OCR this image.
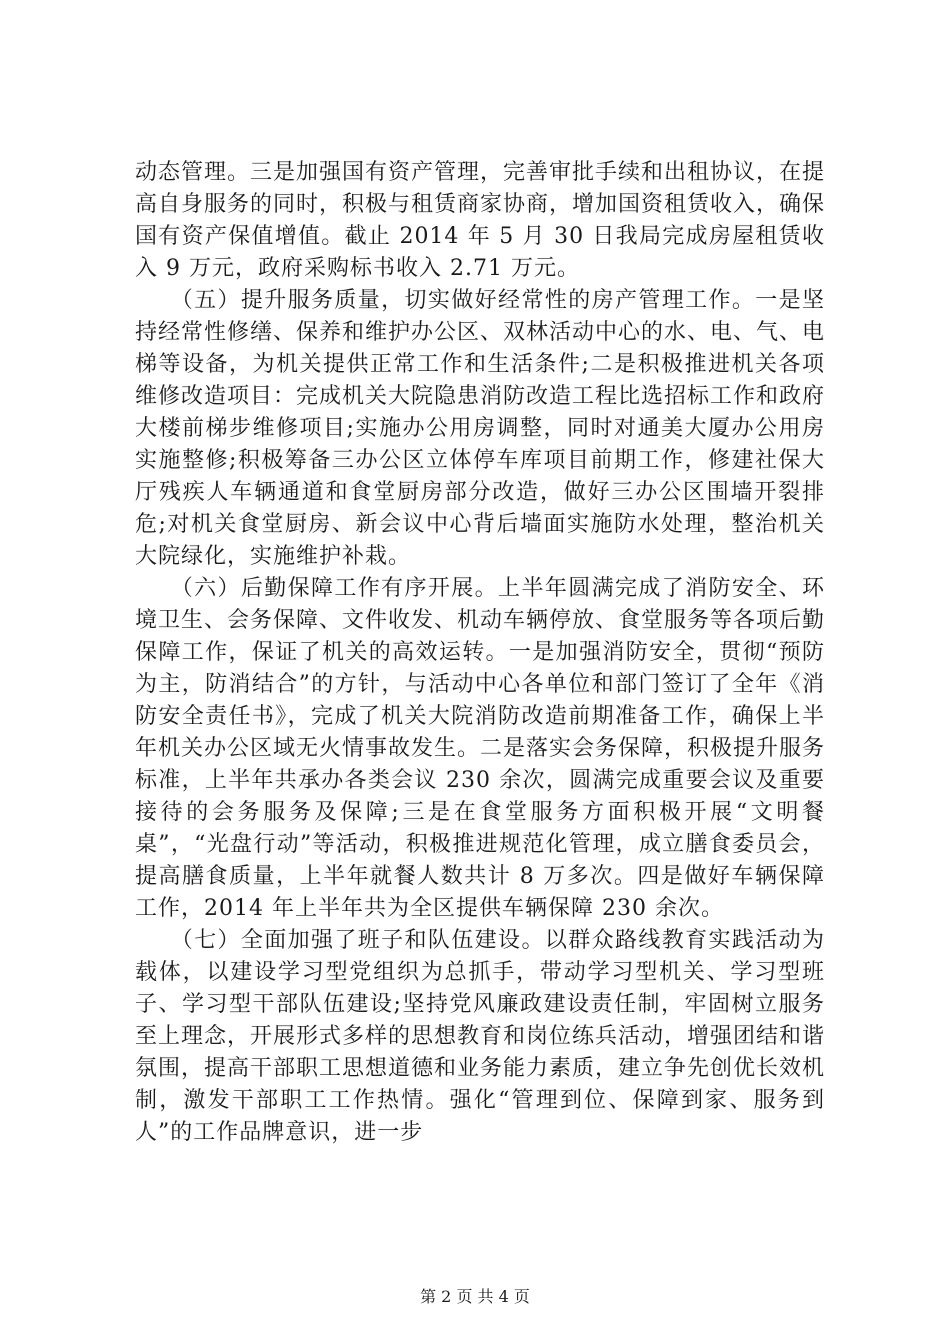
动态管理。三是加强国有资产管理，完善审批手续和出租协议，在提高自身服务的同时，积极与租赁商家协商，增加国资租赁收入，确保国有资产保值增值。截止 2014 年 5 月 30 日我局完成房屋租赁收入 9 万元，政府采购标书收入 2.71 万元。

　　（五）提升服务质量，切实做好经常性的房产管理工作。一是坚持经常性修缮、保养和维护办公区、双林活动中心的水、电、气、电梯等设备，为机关提供正常工作和生活条件;二是积极推进机关各项维修改造项目：完成机关大院隐患消防改造工程比选招标工作和政府大楼前梯步维修项目;实施办公用房调整，同时对通美大厦办公用房实施整修;积极筹备三办公区立体停车库项目前期工作，修建社保大厅残疾人车辆通道和食堂厨房部分改造，做好三办公区围墙开裂排危;对机关食堂厨房、新会议中心背后墙面实施防水处理，整治机关大院绿化，实施维护补栽。

　　（六）后勤保障工作有序开展。上半年圆满完成了消防安全、环境卫生、会务保障、文件收发、机动车辆停放、食堂服务等各项后勤保障工作，保证了机关的高效运转。一是加强消防安全，贯彻“预防为主，防消结合”的方针，与活动中心各单位和部门签订了全年《消防安全责任书》，完成了机关大院消防改造前期准备工作，确保上半年机关办公区域无火情事故发生。二是落实会务保障，积极提升服务标准，上半年共承办各类会议 230 余次，圆满完成重要会议及重要接待的会务服务及保障;三是在食堂服务方面积极开展“文明餐桌”，“光盘行动”等活动，积极推进规范化管理，成立膳食委员会，提高膳食质量，上半年就餐人数共计 8 万多次。四是做好车辆保障工作，2014 年上半年共为全区提供车辆保障 230 余次。

　　（七）全面加强了班子和队伍建设。以群众路线教育实践活动为载体，以建设学习型党组织为总抓手，带动学习型机关、学习型班子、学习型干部队伍建设;坚持党风廉政建设责任制，牢固树立服务至上理念，开展形式多样的思想教育和岗位练兵活动，增强团结和谐氛围，提高干部职工思想道德和业务能力素质，建立争先创优长效机制，激发干部职工工作热情。强化“管理到位、保障到家、服务到人”的工作品牌意识，进一步

第 2 页 共 4 页
